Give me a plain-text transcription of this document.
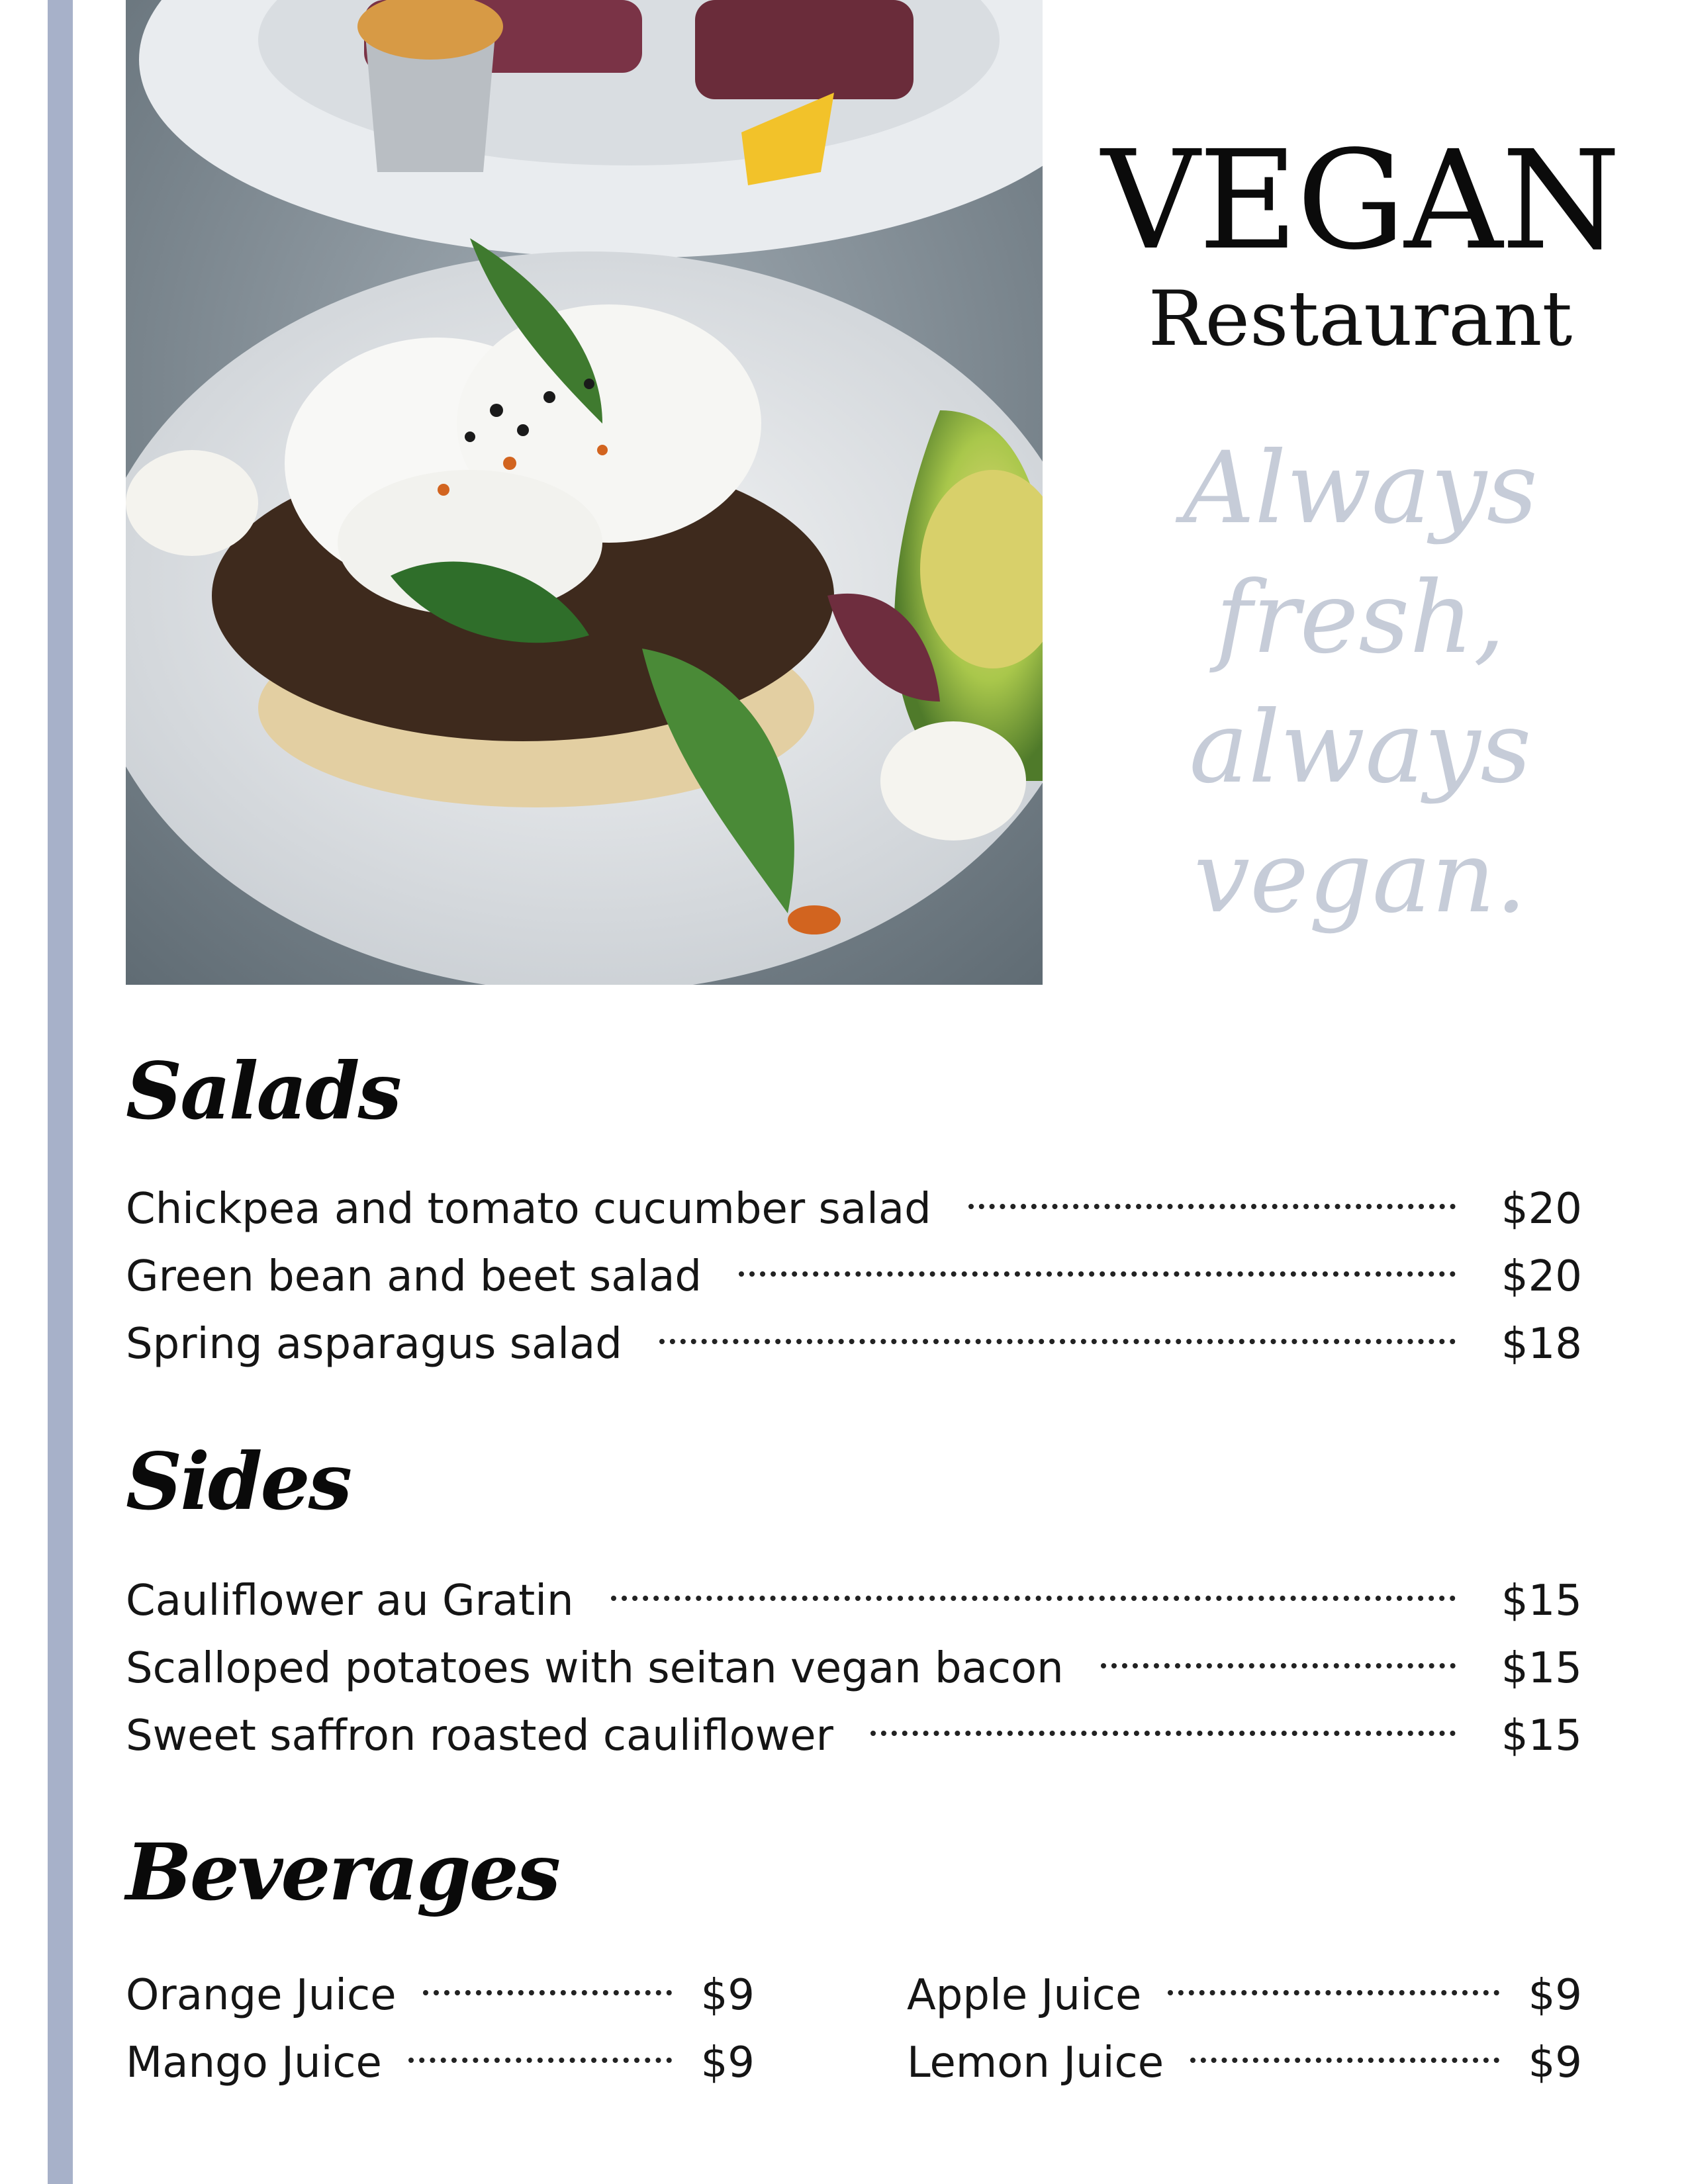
VEGAN
Restaurant
Always fresh, always vegan.
Salads
Chickpea and tomato cucumber salad	$20
Green bean and beet salad	$20
Spring asparagus salad	$18
Sides
Cauliflower au Gratin	$15
Scalloped potatoes with seitan vegan bacon	$15
Sweet saffron roasted cauliflower	$15
Beverages
Orange Juice	$9
Mango Juice	$9
Apple Juice	$9
Lemon Juice	$9
